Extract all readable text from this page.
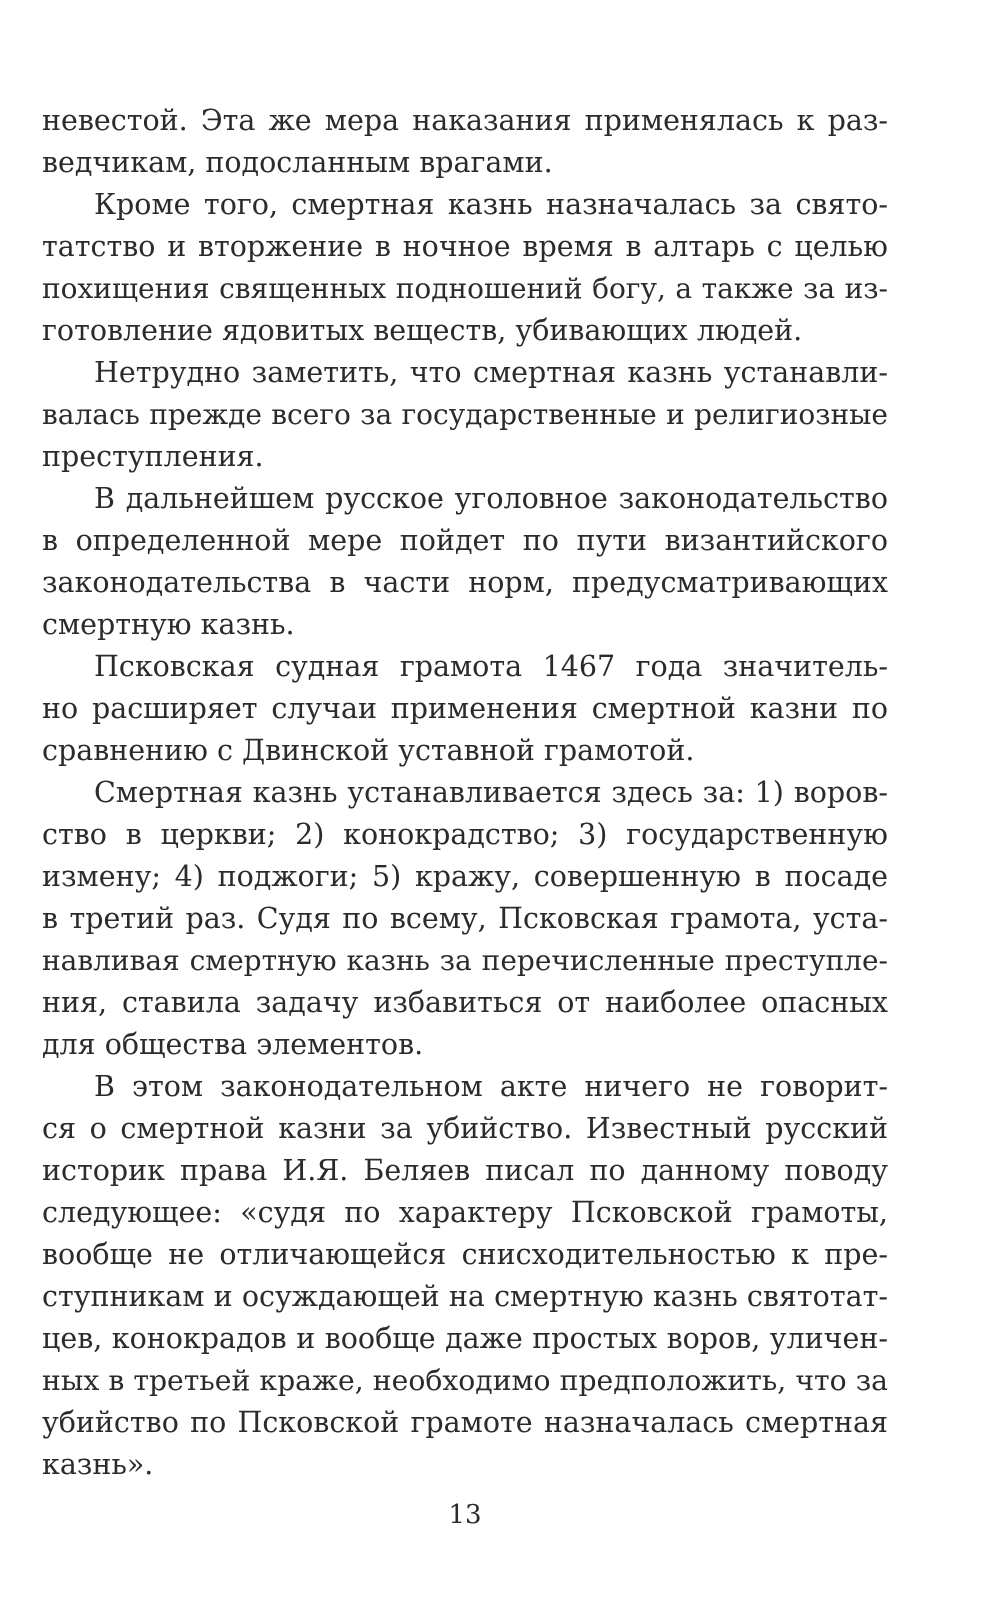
невестой. Эта же мера наказания применялась к раз-
ведчикам, подосланным врагами.
Кроме того, смертная казнь назначалась за свято-
татство и вторжение в ночное время в алтарь с целью
похищения священных подношений богу, а также за из-
готовление ядовитых веществ, убивающих людей.
Нетрудно заметить, что смертная казнь устанавли-
валась прежде всего за государственные и религиозные
преступления.
В дальнейшем русское уголовное законодательство
в определенной мере пойдет по пути византийского
законодательства в части норм, предусматривающих
смертную казнь.
Псковская судная грамота 1467 года значитель-
но расширяет случаи применения смертной казни по
сравнению с Двинской уставной грамотой.
Смертная казнь устанавливается здесь за: 1) воров-
ство в церкви; 2) конокрадство; 3) государственную
измену; 4) поджоги; 5) кражу, совершенную в посаде
в третий раз. Судя по всему, Псковская грамота, уста-
навливая смертную казнь за перечисленные преступле-
ния, ставила задачу избавиться от наиболее опасных
для общества элементов.
В этом законодательном акте ничего не говорит-
ся о смертной казни за убийство. Известный русский
историк права И.Я. Беляев писал по данному поводу
следующее: «судя по характеру Псковской грамоты,
вообще не отличающейся снисходительностью к пре-
ступникам и осуждающей на смертную казнь святотат-
цев, конокрадов и вообще даже простых воров, уличен-
ных в третьей краже, необходимо предположить, что за
убийство по Псковской грамоте назначалась смертная
казнь».
13
